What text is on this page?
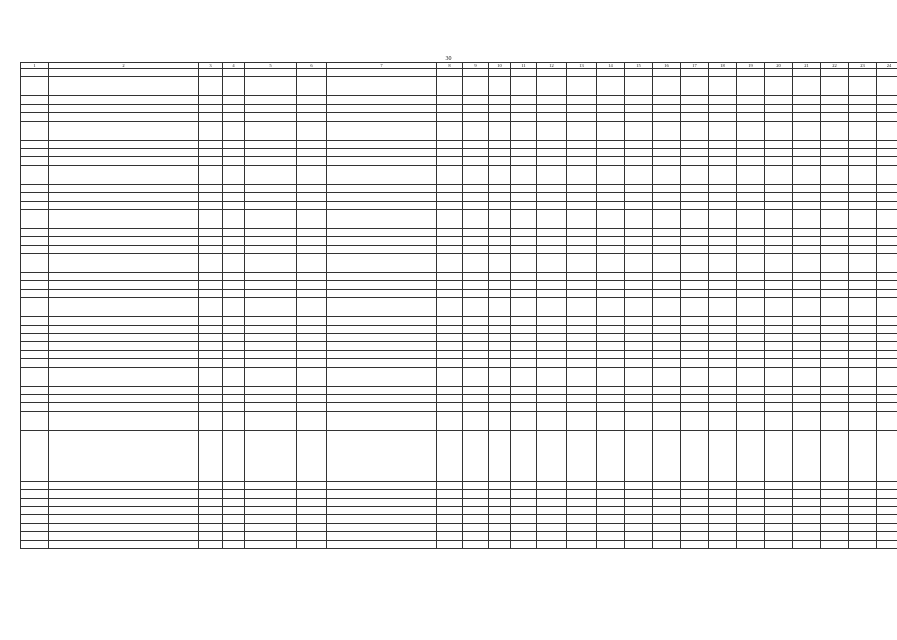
30
1	2	3	4	5	6	7	8	9	10	11	12	13	14	15	16	17	18	19	20	21	22	23	24
